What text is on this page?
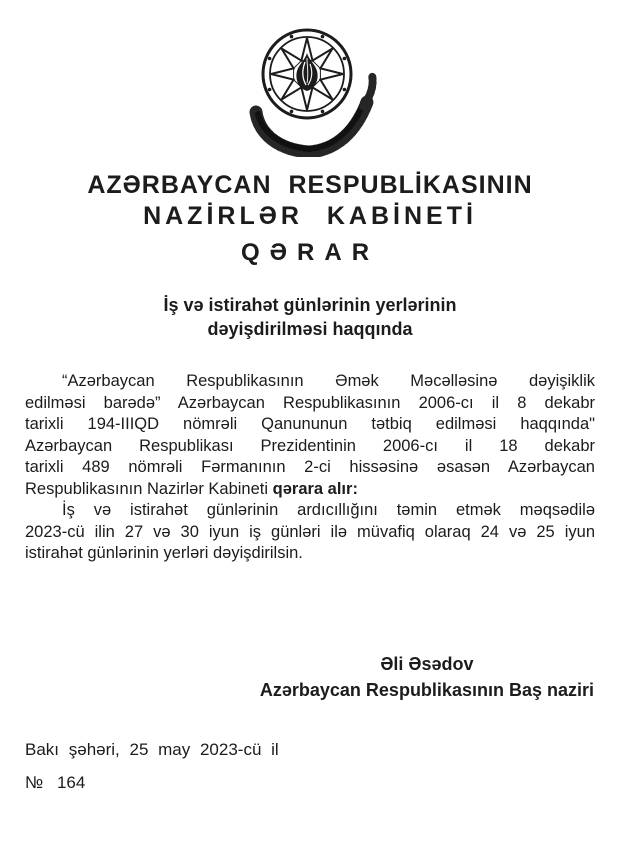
AZƏRBAYCAN RESPUBLİKASININ
NAZİRLƏR KABİNETİ
QƏRAR
İş və istirahət günlərinin yerlərinin
dəyişdirilməsi haqqında
“Azərbaycan Respublikasının Əmək Məcəlləsinə dəyişiklik
edilməsi barədə” Azərbaycan Respublikasının 2006-cı il 8 dekabr
tarixli 194-IIIQD nömrəli Qanununun tətbiq edilməsi haqqında"
Azərbaycan Respublikası Prezidentinin 2006-cı il 18 dekabr
tarixli 489 nömrəli Fərmanının 2-ci hissəsinə əsasən Azərbaycan
Respublikasının Nazirlər Kabineti qərara alır:
İş və istirahət günlərinin ardıcıllığını təmin etmək məqsədilə
2023-cü ilin 27 və 30 iyun iş günləri ilə müvafiq olaraq 24 və 25 iyun
istirahət günlərinin yerləri dəyişdirilsin.
Əli Əsədov
Azərbaycan Respublikasının Baş naziri
Bakı şəhəri, 25 may 2023-cü il
№ 164
